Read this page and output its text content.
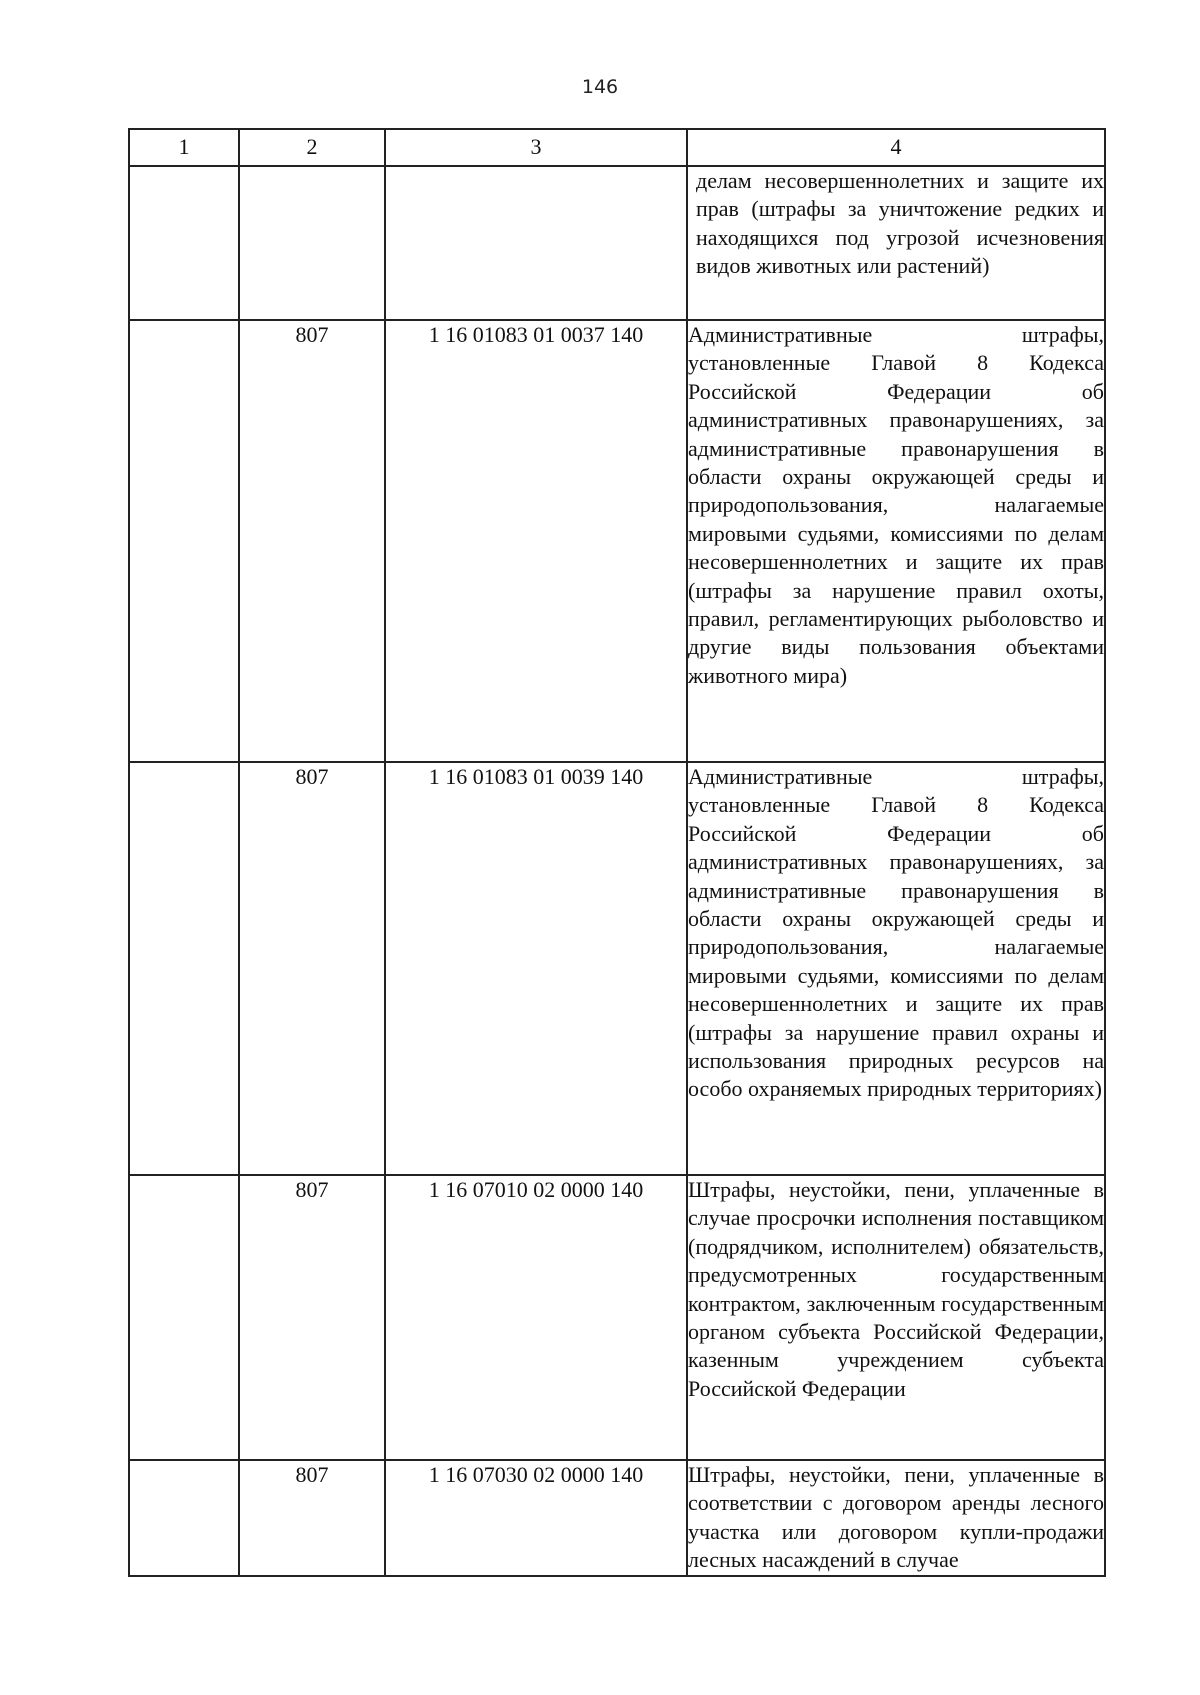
146
1	2	3	4
			делам несовершеннолетних и защите их прав (штрафы за уничтожение редких и находящихся под угрозой исчезновения видов животных или растений)
	807	1 16 01083 01 0037 140	Административные штрафы, установленные Главой 8 Кодекса Российской Федерации об административных правонарушениях, за административные правонарушения в области охраны окружающей среды и природопользования, налагаемые мировыми судьями, комиссиями по делам несовершеннолетних и защите их прав (штрафы за нарушение правил охоты, правил, регламентирующих рыболовство и другие виды пользования объектами животного мира)
	807	1 16 01083 01 0039 140	Административные штрафы, установленные Главой 8 Кодекса Российской Федерации об административных правонарушениях, за административные правонарушения в области охраны окружающей среды и природопользования, налагаемые мировыми судьями, комиссиями по делам несовершеннолетних и защите их прав (штрафы за нарушение правил охраны и использования природных ресурсов на особо охраняемых природных территориях)
	807	1 16 07010 02 0000 140	Штрафы, неустойки, пени, уплаченные в случае просрочки исполнения поставщиком (подрядчиком, исполнителем) обязательств, предусмотренных государственным контрактом, заключенным государственным органом субъекта Российской Федерации, казенным учреждением субъекта Российской Федерации
	807	1 16 07030 02 0000 140	Штрафы, неустойки, пени, уплаченные в соответствии с договором аренды лесного участка или договором купли-продажи лесных насаждений в случае
